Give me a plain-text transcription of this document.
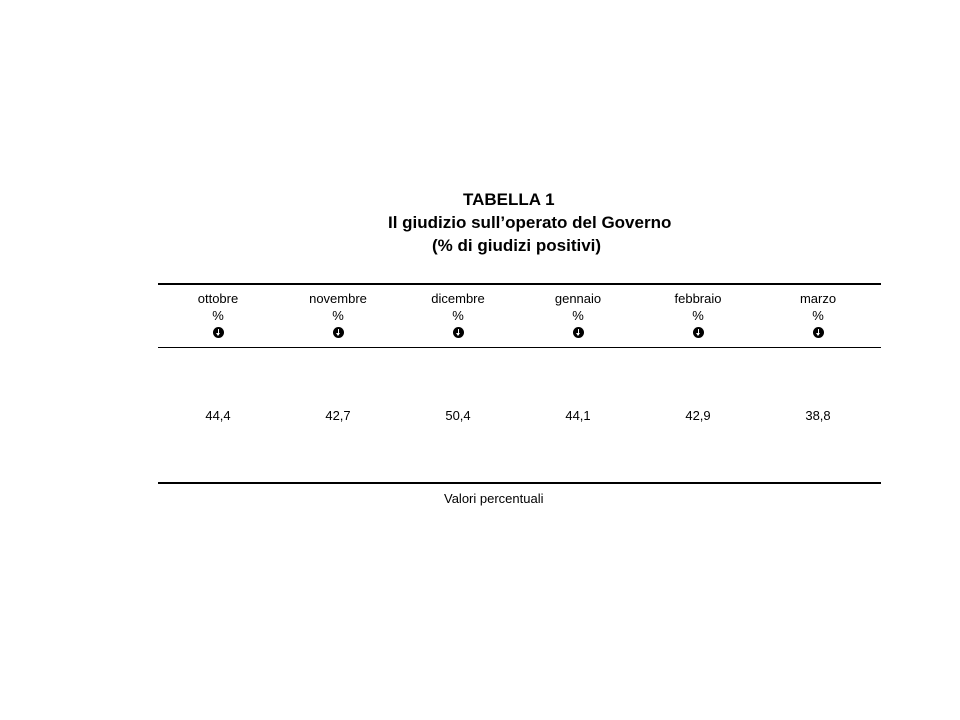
TABELLA 1
Il giudizio sull’operato del Governo
(% di giudizi positivi)
ottobre
%
44,4
novembre
%
42,7
dicembre
%
50,4
gennaio
%
44,1
febbraio
%
42,9
marzo
%
38,8
Valori percentuali
